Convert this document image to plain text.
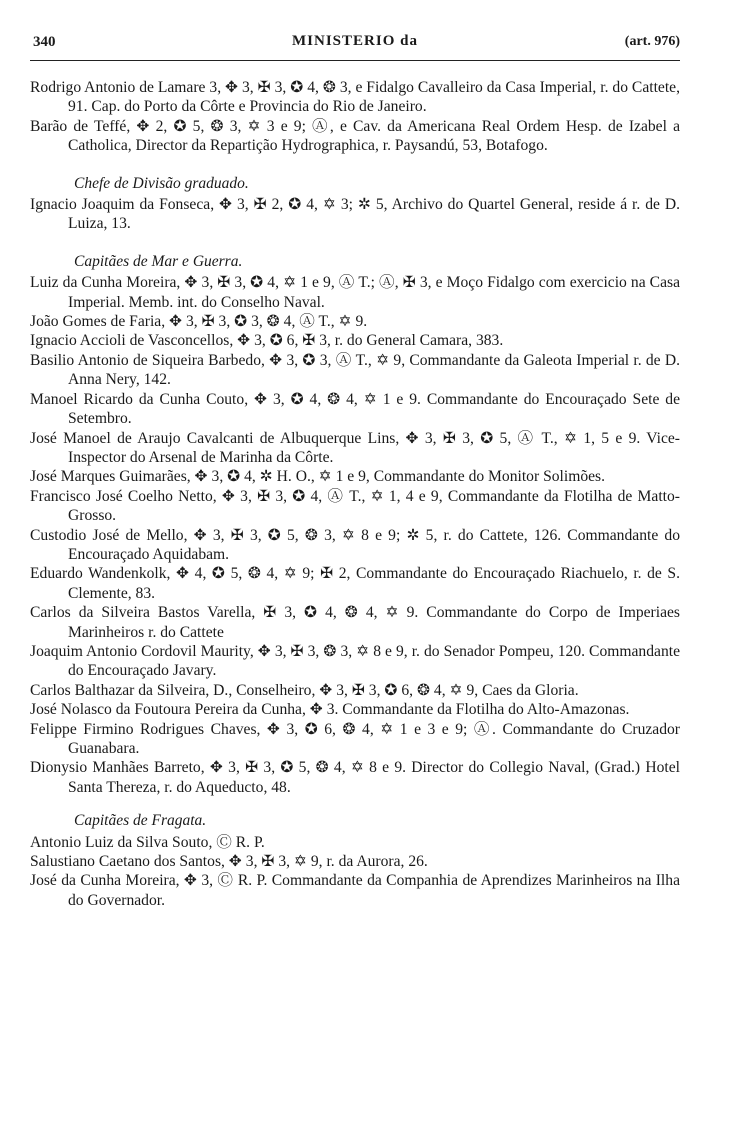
340	MINISTERIO da	(art. 976)

Rodrigo Antonio de Lamare 3, ✥ 3, ✠ 3, ✪ 4, ❂ 3, e Fidalgo Cavalleiro da Casa Imperial, r. do Cattete, 91. Cap. do Porto da Côrte e Provincia do Rio de Janeiro.

Barão de Teffé, ✥ 2, ✪ 5, ❂ 3, ✡ 3 e 9; Ⓐ, e Cav. da Americana Real Ordem Hesp. de Izabel a Catholica, Director da Repartição Hydrographica, r. Paysandú, 53, Botafogo.

Chefe de Divisão graduado.

Ignacio Joaquim da Fonseca, ✥ 3, ✠ 2, ✪ 4, ✡ 3; ✲ 5, Archivo do Quartel General, reside á r. de D. Luiza, 13.

Capitães de Mar e Guerra.

Luiz da Cunha Moreira, ✥ 3, ✠ 3, ✪ 4, ✡ 1 e 9, Ⓐ T.; Ⓐ, ✠ 3, e Moço Fidalgo com exercicio na Casa Imperial. Memb. int. do Conselho Naval.

João Gomes de Faria, ✥ 3, ✠ 3, ✪ 3, ❂ 4, Ⓐ T., ✡ 9.

Ignacio Accioli de Vasconcellos, ✥ 3, ✪ 6, ✠ 3, r. do General Camara, 383.

Basilio Antonio de Siqueira Barbedo, ✥ 3, ✪ 3, Ⓐ T., ✡ 9, Commandante da Galeota Imperial r. de D. Anna Nery, 142.

Manoel Ricardo da Cunha Couto, ✥ 3, ✪ 4, ❂ 4, ✡ 1 e 9. Commandante do Encouraçado Sete de Setembro.

José Manoel de Araujo Cavalcanti de Albuquerque Lins, ✥ 3, ✠ 3, ✪ 5, Ⓐ T., ✡ 1, 5 e 9. Vice-Inspector do Arsenal de Marinha da Côrte.

José Marques Guimarães, ✥ 3, ✪ 4, ✲ H. O., ✡ 1 e 9, Commandante do Monitor Solimões.

Francisco José Coelho Netto, ✥ 3, ✠ 3, ✪ 4, Ⓐ T., ✡ 1, 4 e 9, Commandante da Flotilha de Matto-Grosso.

Custodio José de Mello, ✥ 3, ✠ 3, ✪ 5, ❂ 3, ✡ 8 e 9; ✲ 5, r. do Cattete, 126. Commandante do Encouraçado Aquidabam.

Eduardo Wandenkolk, ✥ 4, ✪ 5, ❂ 4, ✡ 9; ✠ 2, Commandante do Encouraçado Riachuelo, r. de S. Clemente, 83.

Carlos da Silveira Bastos Varella, ✠ 3, ✪ 4, ❂ 4, ✡ 9. Commandante do Corpo de Imperiaes Marinheiros r. do Cattete

Joaquim Antonio Cordovil Maurity, ✥ 3, ✠ 3, ❂ 3, ✡ 8 e 9, r. do Senador Pompeu, 120. Commandante do Encouraçado Javary.

Carlos Balthazar da Silveira, D., Conselheiro, ✥ 3, ✠ 3, ✪ 6, ❂ 4, ✡ 9, Caes da Gloria.

José Nolasco da Foutoura Pereira da Cunha, ✥ 3. Commandante da Flotilha do Alto-Amazonas.

Felippe Firmino Rodrigues Chaves, ✥ 3, ✪ 6, ❂ 4, ✡ 1 e 3 e 9; Ⓐ. Commandante do Cruzador Guanabara.

Dionysio Manhães Barreto, ✥ 3, ✠ 3, ✪ 5, ❂ 4, ✡ 8 e 9. Director do Collegio Naval, (Grad.) Hotel Santa Thereza, r. do Aqueducto, 48.

Capitães de Fragata.

Antonio Luiz da Silva Souto, Ⓒ R. P.

Salustiano Caetano dos Santos, ✥ 3, ✠ 3, ✡ 9, r. da Aurora, 26.

José da Cunha Moreira, ✥ 3, Ⓒ R. P. Commandante da Companhia de Aprendizes Marinheiros na Ilha do Governador.
